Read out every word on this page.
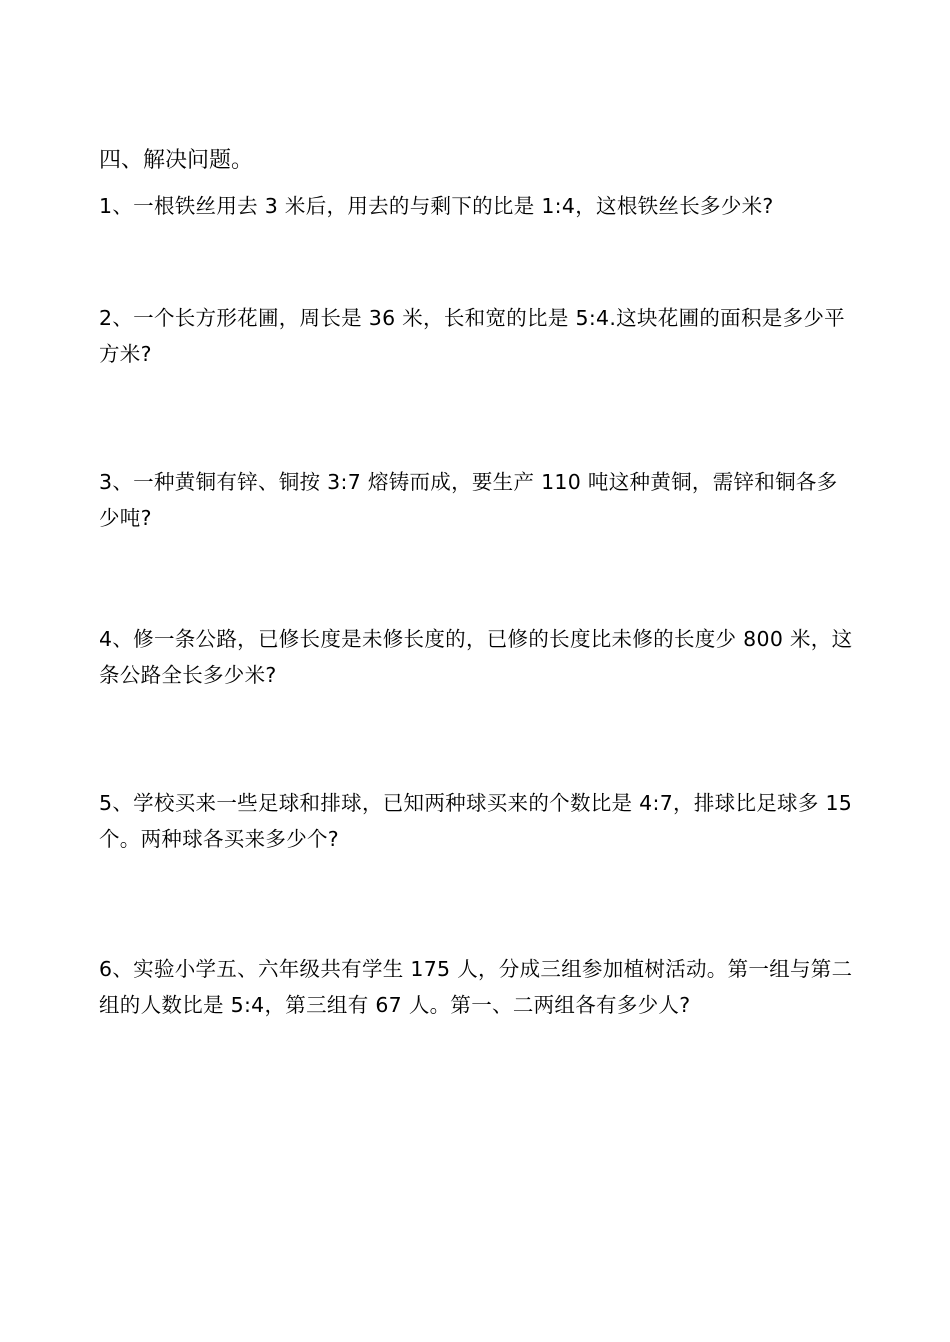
四、解决问题。

1、一根铁丝用去 3 米后，用去的与剩下的比是 1:4，这根铁丝长多少米?

2、一个长方形花圃，周长是 36 米，长和宽的比是 5:4.这块花圃的面积是多少平方米?

3、一种黄铜有锌、铜按 3:7 熔铸而成，要生产 110 吨这种黄铜，需锌和铜各多少吨?

4、修一条公路，已修长度是未修长度的，已修的长度比未修的长度少 800 米，这条公路全长多少米?

5、学校买来一些足球和排球，已知两种球买来的个数比是 4:7，排球比足球多 15 个。两种球各买来多少个?

6、实验小学五、六年级共有学生 175 人，分成三组参加植树活动。第一组与第二组的人数比是 5:4，第三组有 67 人。第一、二两组各有多少人?
